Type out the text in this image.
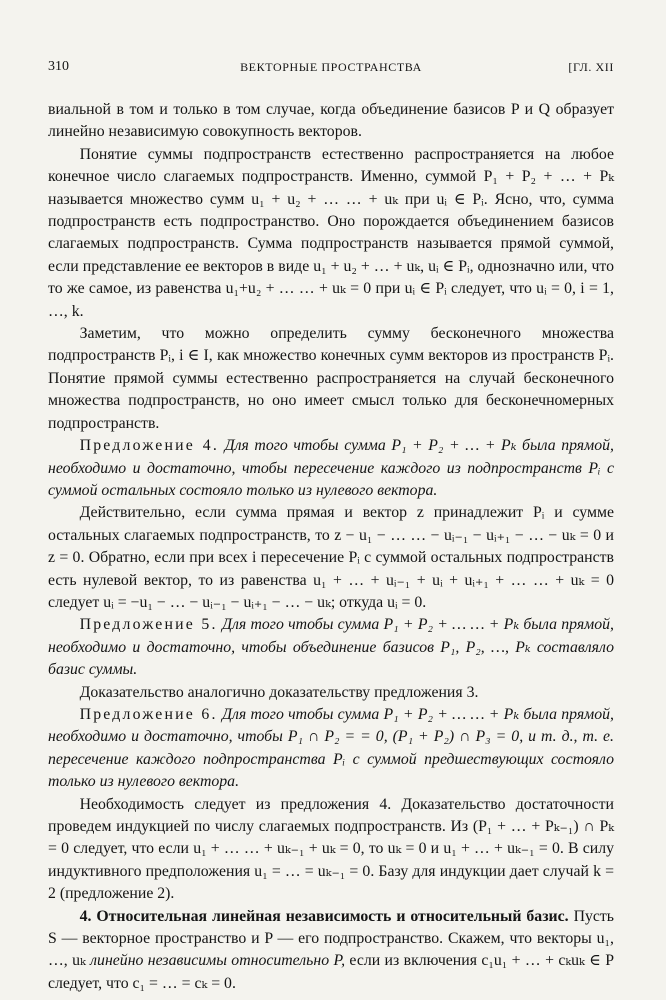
310	ВЕКТОРНЫЕ ПРОСТРАНСТВА	[ГЛ. XII

виальной в том и только в том случае, когда объединение базисов P и Q образует линейно независимую совокупность векторов.

Понятие суммы подпространств естественно распространяется на любое конечное число слагаемых подпространств. Именно, суммой P₁ + P₂ + … + Pₖ называется множество сумм u₁ + u₂ + … … + uₖ при uᵢ ∈ Pᵢ. Ясно, что, сумма подпространств есть подпространство. Оно порождается объединением базисов слагаемых подпространств. Сумма подпространств называется прямой суммой, если представление ее векторов в виде u₁ + u₂ + … + uₖ, uᵢ ∈ Pᵢ, однозначно или, что то же самое, из равенства u₁+u₂ + … … + uₖ = 0 при uᵢ ∈ Pᵢ следует, что uᵢ = 0, i = 1, …, k.

Заметим, что можно определить сумму бесконечного множества подпространств Pᵢ, i ∈ I, как множество конечных сумм векторов из пространств Pᵢ. Понятие прямой суммы естественно распространяется на случай бесконечного множества подпространств, но оно имеет смысл только для бесконечномерных подпространств.

Предложение 4. Для того чтобы сумма P₁ + P₂ + … + Pₖ была прямой, необходимо и достаточно, чтобы пересечение каждого из подпространств Pᵢ с суммой остальных состояло только из нулевого вектора.

Действительно, если сумма прямая и вектор z принадлежит Pᵢ и сумме остальных слагаемых подпространств, то z − u₁ − … … − uᵢ₋₁ − uᵢ₊₁ − … − uₖ = 0 и z = 0. Обратно, если при всех i пересечение Pᵢ с суммой остальных подпространств есть нулевой вектор, то из равенства u₁ + … + uᵢ₋₁ + uᵢ + uᵢ₊₁ + … … + uₖ = 0 следует uᵢ = −u₁ − … − uᵢ₋₁ − uᵢ₊₁ − … − uₖ; откуда uᵢ = 0.

Предложение 5. Для того чтобы сумма P₁ + P₂ + … … + Pₖ была прямой, необходимо и достаточно, чтобы объединение базисов P₁, P₂, …, Pₖ составляло базис суммы.

Доказательство аналогично доказательству предложения 3.

Предложение 6. Для того чтобы сумма P₁ + P₂ + … … + Pₖ была прямой, необходимо и достаточно, чтобы P₁ ∩ P₂ = = 0, (P₁ + P₂) ∩ P₃ = 0, и т. д., т. е. пересечение каждого подпространства Pᵢ с суммой предшествующих состояло только из нулевого вектора.

Необходимость следует из предложения 4. Доказательство достаточности проведем индукцией по числу слагаемых подпространств. Из (P₁ + … + Pₖ₋₁) ∩ Pₖ = 0 следует, что если u₁ + … … + uₖ₋₁ + uₖ = 0, то uₖ = 0 и u₁ + … + uₖ₋₁ = 0. В силу индуктивного предположения u₁ = … = uₖ₋₁ = 0. Базу для индукции дает случай k = 2 (предложение 2).

4. Относительная линейная независимость и относительный базис. Пусть S — векторное пространство и P — его подпространство. Скажем, что векторы u₁, …, uₖ линейно независимы относительно P, если из включения c₁u₁ + … + cₖuₖ ∈ P следует, что c₁ = … = cₖ = 0.
